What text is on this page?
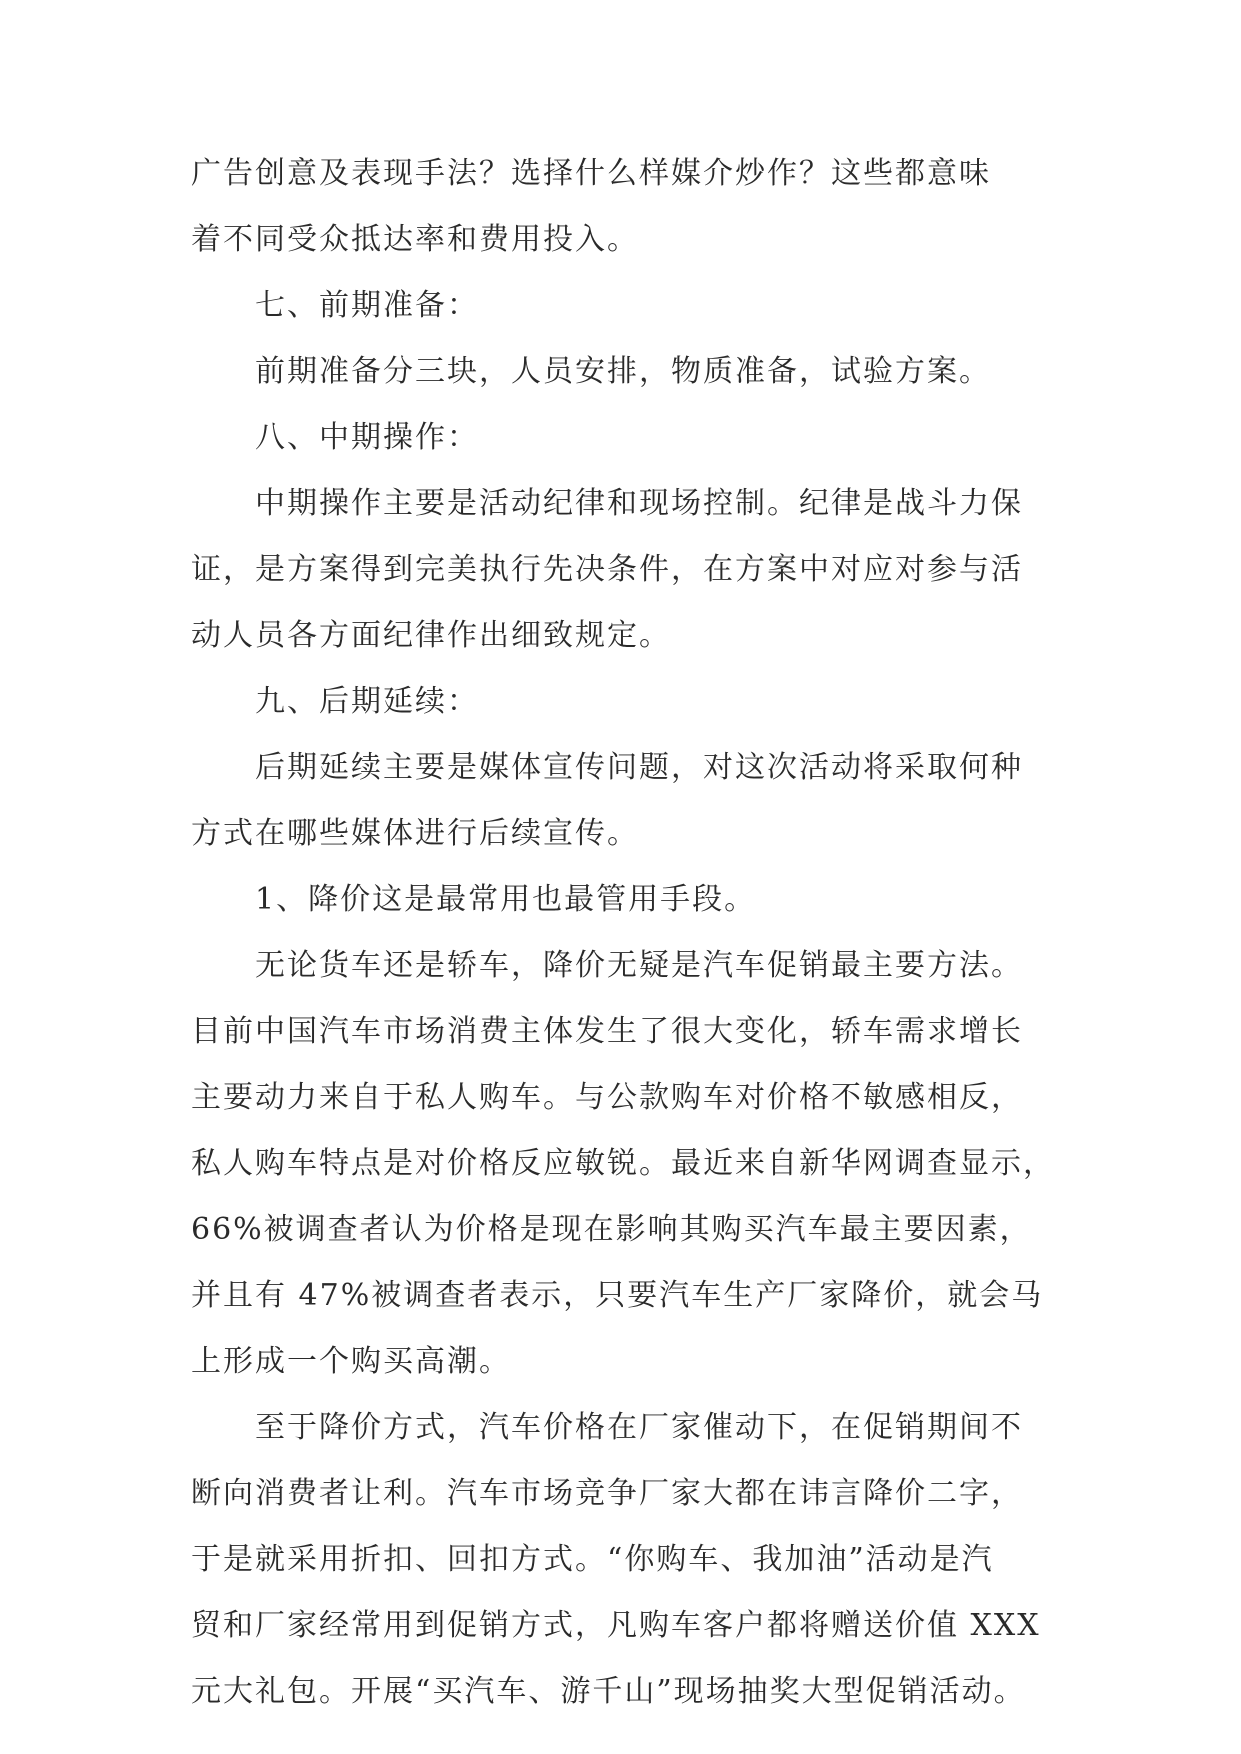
广告创意及表现手法？选择什么样媒介炒作？这些都意味
着不同受众抵达率和费用投入。
七、前期准备：
前期准备分三块，人员安排，物质准备，试验方案。
八、中期操作：
中期操作主要是活动纪律和现场控制。纪律是战斗力保
证，是方案得到完美执行先决条件，在方案中对应对参与活
动人员各方面纪律作出细致规定。
九、后期延续：
后期延续主要是媒体宣传问题，对这次活动将采取何种
方式在哪些媒体进行后续宣传。
1、降价这是最常用也最管用手段。
无论货车还是轿车，降价无疑是汽车促销最主要方法。
目前中国汽车市场消费主体发生了很大变化，轿车需求增长
主要动力来自于私人购车。与公款购车对价格不敏感相反，
私人购车特点是对价格反应敏锐。最近来自新华网调查显示，
66%被调查者认为价格是现在影响其购买汽车最主要因素，
并且有 47%被调查者表示，只要汽车生产厂家降价，就会马
上形成一个购买高潮。
至于降价方式，汽车价格在厂家催动下，在促销期间不
断向消费者让利。汽车市场竞争厂家大都在讳言降价二字，
于是就采用折扣、回扣方式。“你购车、我加油”活动是汽
贸和厂家经常用到促销方式，凡购车客户都将赠送价值 XXX
元大礼包。开展“买汽车、游千山”现场抽奖大型促销活动。
